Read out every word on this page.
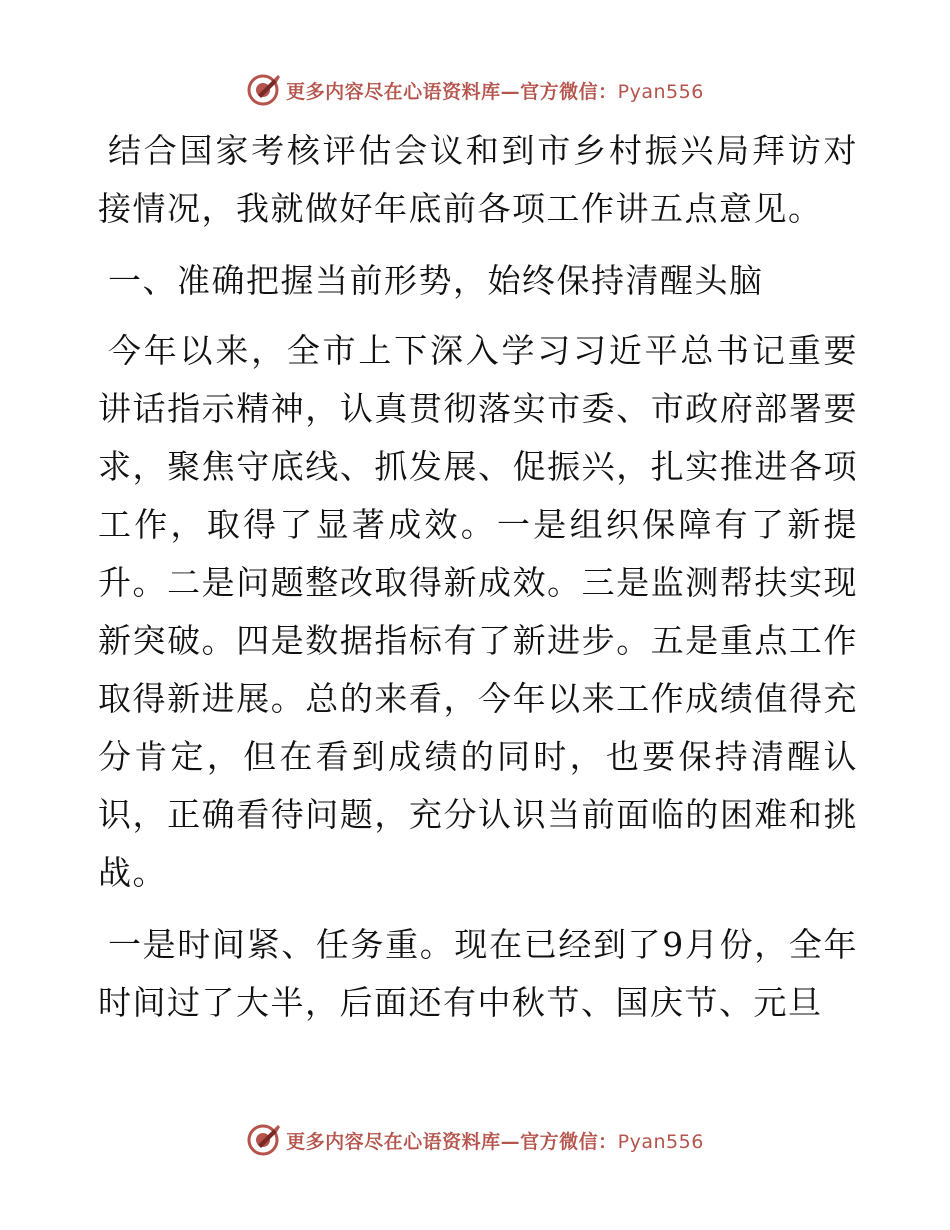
更多内容尽在心语资料库—官方微信：Pyan556

结合国家考核评估会议和到市乡村振兴局拜访对接情况，我就做好年底前各项工作讲五点意见。

一、准确把握当前形势，始终保持清醒头脑

今年以来，全市上下深入学习习近平总书记重要讲话指示精神，认真贯彻落实市委、市政府部署要求，聚焦守底线、抓发展、促振兴，扎实推进各项工作，取得了显著成效。一是组织保障有了新提升。二是问题整改取得新成效。三是监测帮扶实现新突破。四是数据指标有了新进步。五是重点工作取得新进展。总的来看，今年以来工作成绩值得充分肯定，但在看到成绩的同时，也要保持清醒认识，正确看待问题，充分认识当前面临的困难和挑战。

一是时间紧、任务重。现在已经到了9月份，全年时间过了大半，后面还有中秋节、国庆节、元旦

更多内容尽在心语资料库—官方微信：Pyan556
